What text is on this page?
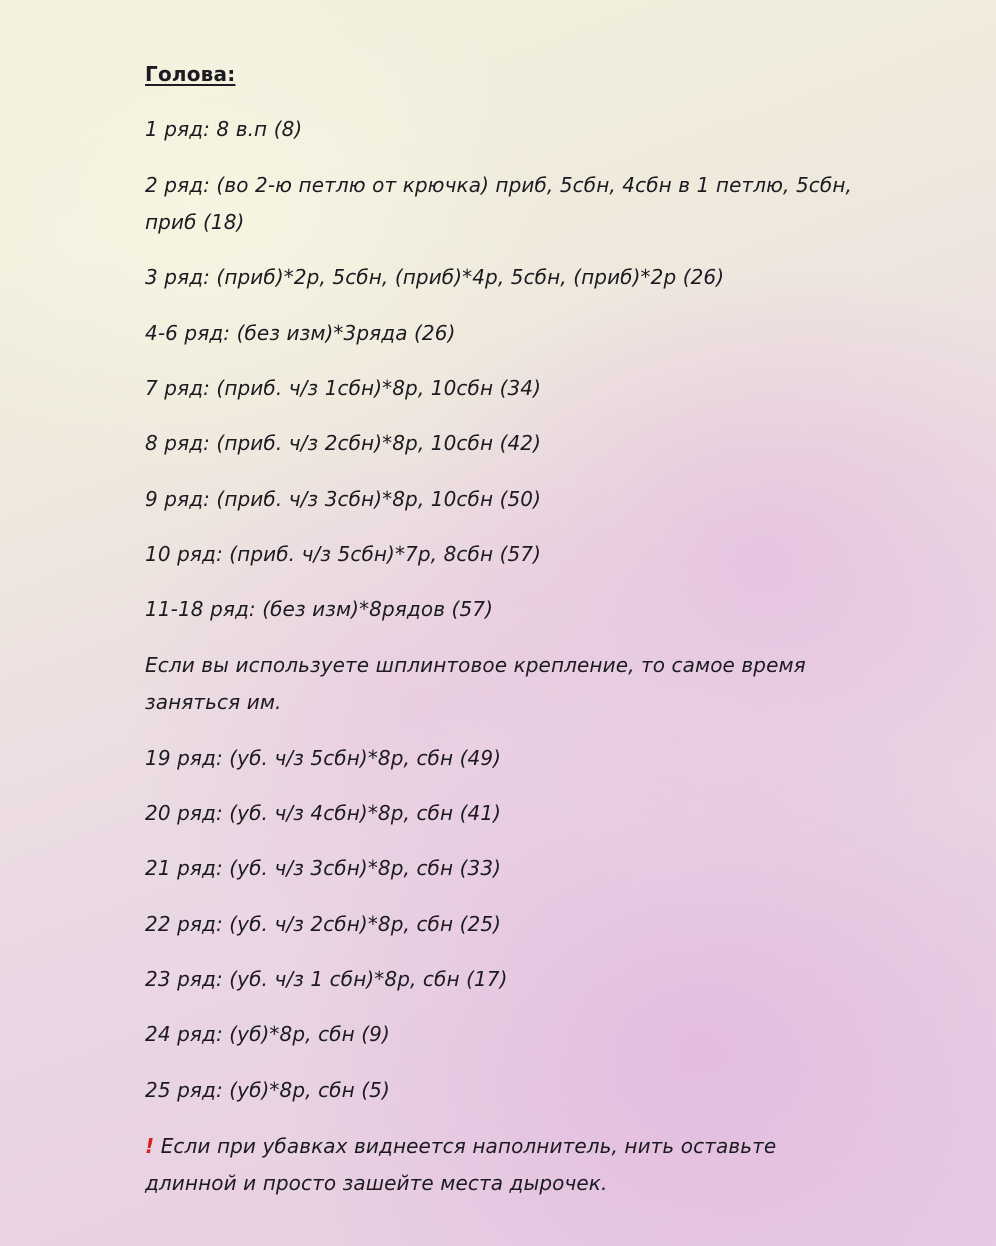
Голова:
1 ряд: 8 в.п (8)
2 ряд: (во 2-ю петлю от крючка) приб, 5сбн, 4сбн в 1 петлю, 5сбн,
приб (18)
3 ряд: (приб)*2р, 5сбн, (приб)*4р, 5сбн, (приб)*2р (26)
4-6 ряд: (без изм)*3ряда (26)
7 ряд: (приб. ч/з 1сбн)*8р, 10сбн (34)
8 ряд: (приб. ч/з 2сбн)*8р, 10сбн (42)
9 ряд: (приб. ч/з 3сбн)*8р, 10сбн (50)
10 ряд: (приб. ч/з 5сбн)*7р, 8сбн (57)
11-18 ряд: (без изм)*8рядов (57)
Если вы используете шплинтовое крепление, то самое время
заняться им.
19 ряд: (уб. ч/з 5сбн)*8р, сбн (49)
20 ряд: (уб. ч/з 4сбн)*8р, сбн (41)
21 ряд: (уб. ч/з 3сбн)*8р, сбн (33)
22 ряд: (уб. ч/з 2сбн)*8р, сбн (25)
23 ряд: (уб. ч/з 1 сбн)*8р, сбн (17)
24 ряд: (уб)*8р, сбн (9)
25 ряд: (уб)*8р, сбн (5)
! Если при убавках виднеется наполнитель, нить оставьте
длинной и просто зашейте места дырочек.
